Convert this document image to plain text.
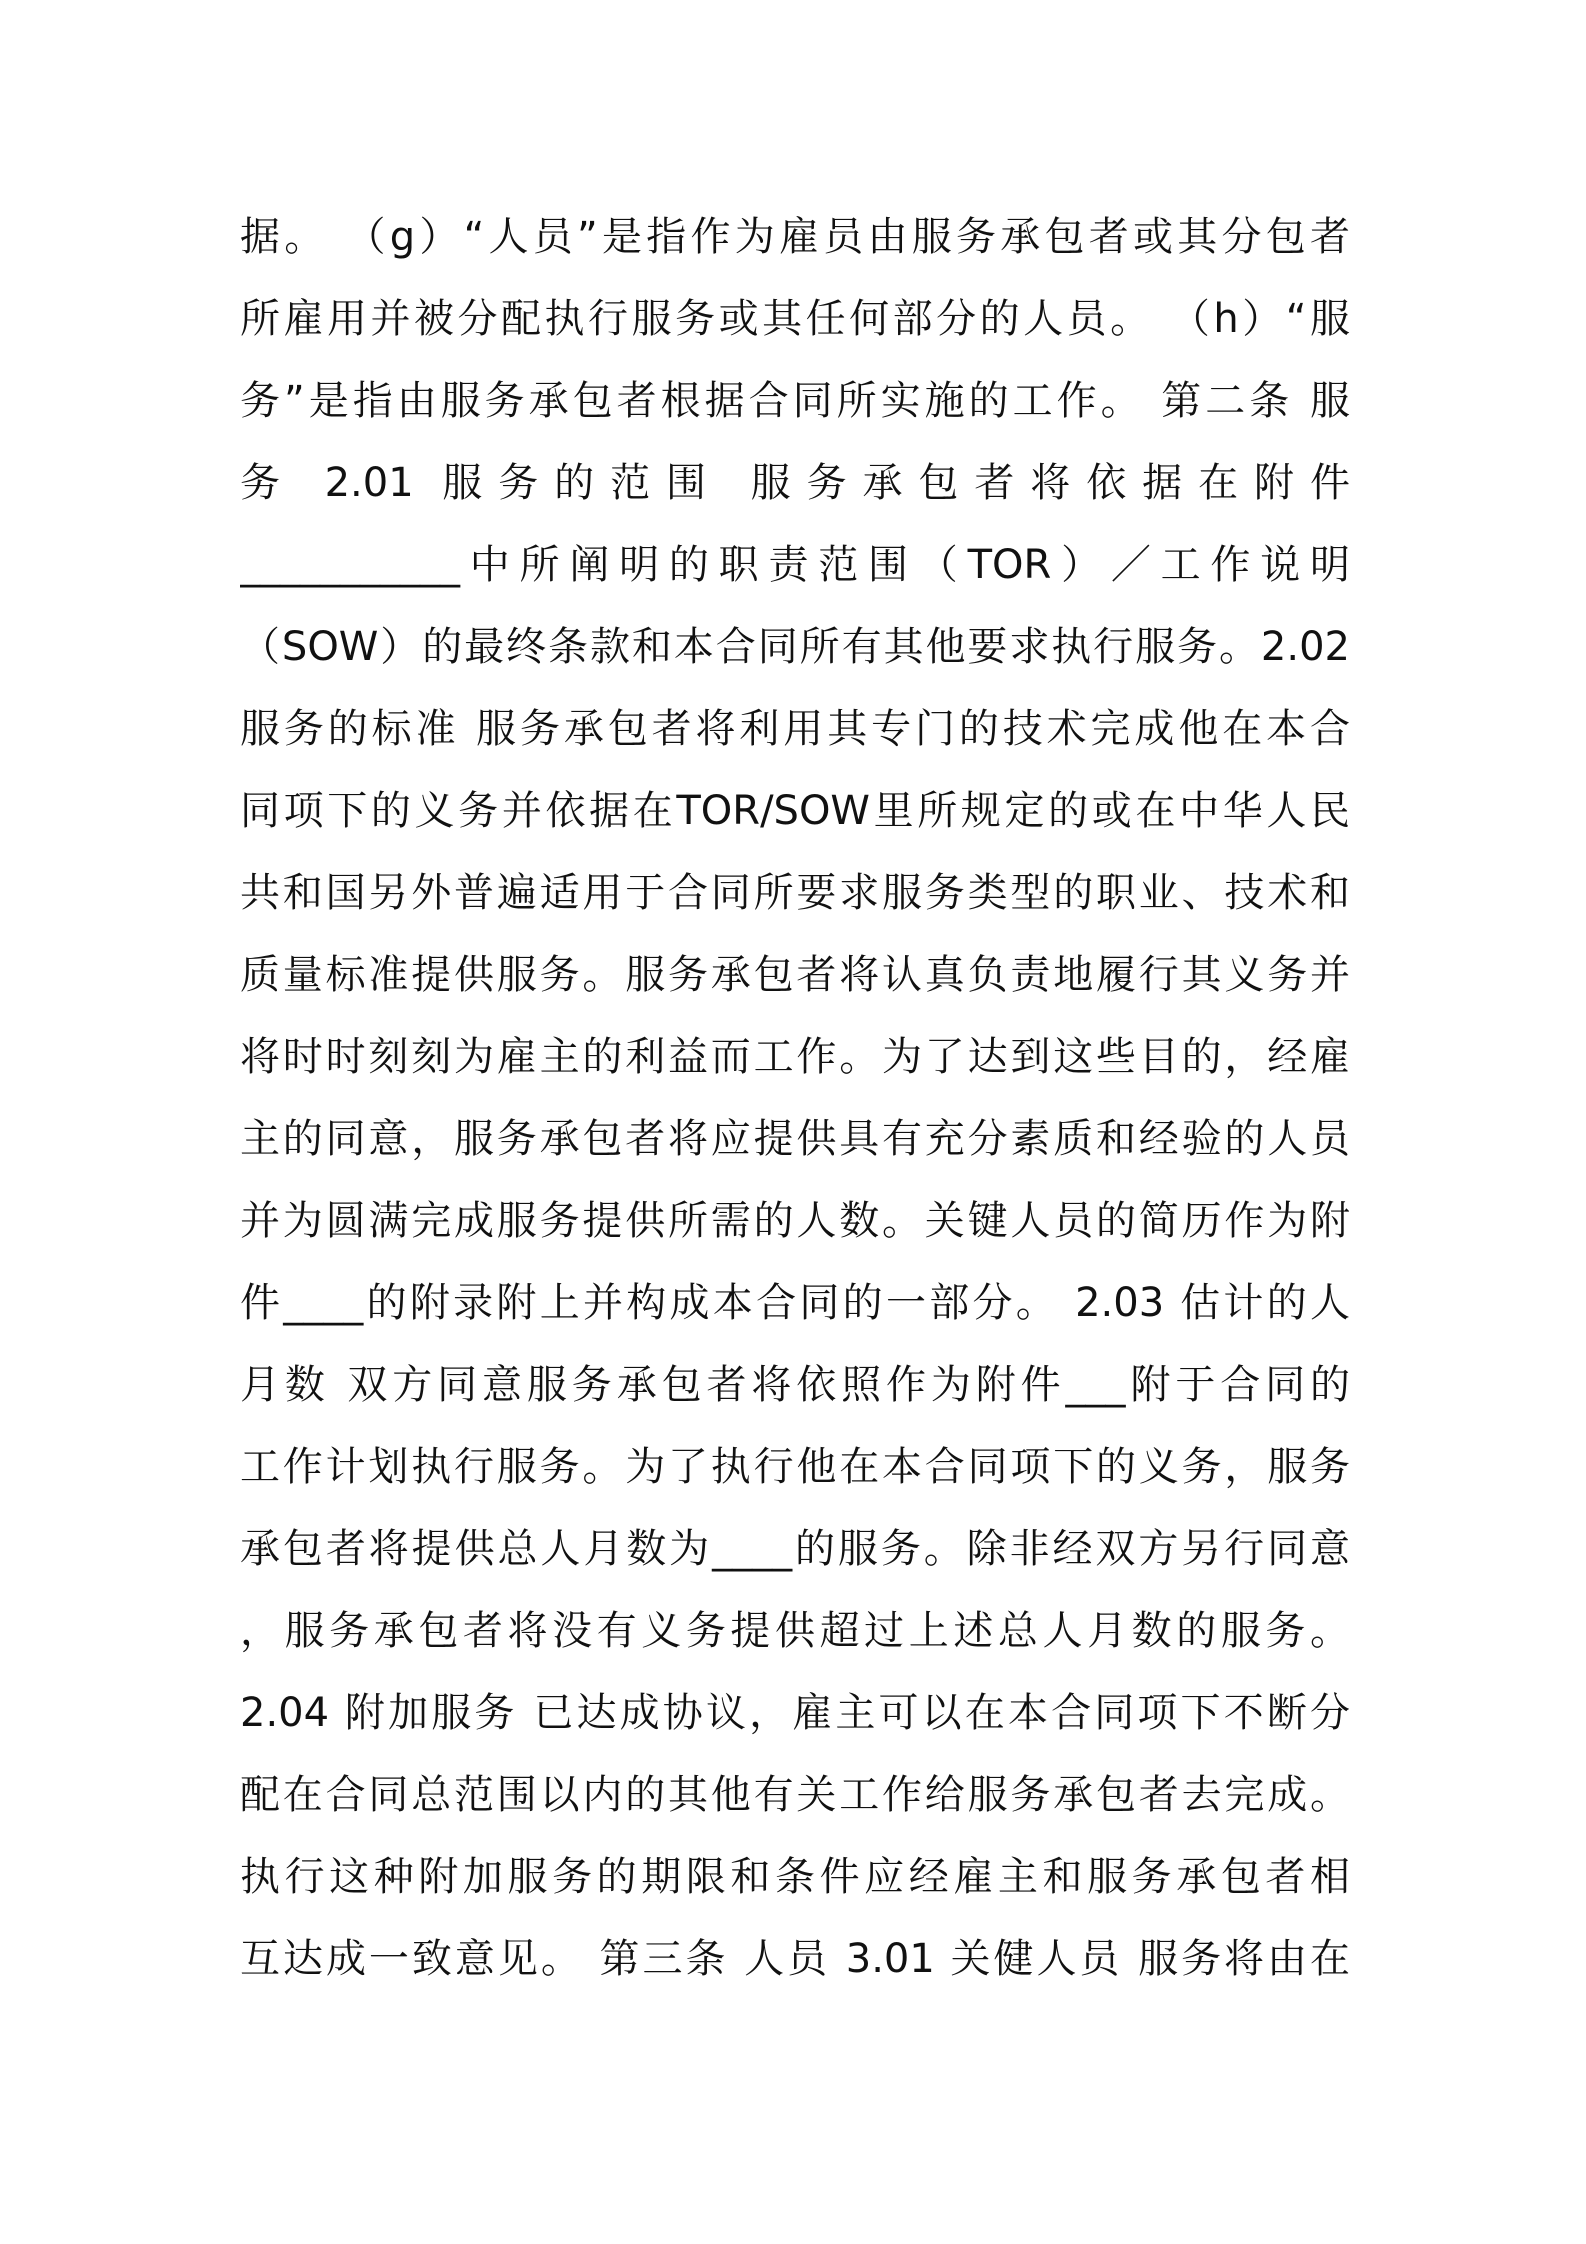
据。 （g）“人员”是指作为雇员由服务承包者或其分包者
所雇用并被分配执行服务或其任何部分的人员。 （h）“服
务”是指由服务承包者根据合同所实施的工作。 第二条 服
务 2.01 服务的范围 服务承包者将依据在附件
___________中所阐明的职责范围（TOR）／工作说明
（SOW）的最终条款和本合同所有其他要求执行服务。2.02
服务的标准 服务承包者将利用其专门的技术完成他在本合
同项下的义务并依据在TOR/SOW里所规定的或在中华人民
共和国另外普遍适用于合同所要求服务类型的职业、技术和
质量标准提供服务。服务承包者将认真负责地履行其义务并
将时时刻刻为雇主的利益而工作。为了达到这些目的，经雇
主的同意，服务承包者将应提供具有充分素质和经验的人员
并为圆满完成服务提供所需的人数。关键人员的简历作为附
件____的附录附上并构成本合同的一部分。 2.03 估计的人
月数 双方同意服务承包者将依照作为附件___附于合同的
工作计划执行服务。为了执行他在本合同项下的义务，服务
承包者将提供总人月数为____的服务。除非经双方另行同意
，服务承包者将没有义务提供超过上述总人月数的服务。
2.04 附加服务 已达成协议，雇主可以在本合同项下不断分
配在合同总范围以内的其他有关工作给服务承包者去完成。
执行这种附加服务的期限和条件应经雇主和服务承包者相
互达成一致意见。 第三条 人员 3.01 关健人员 服务将由在
